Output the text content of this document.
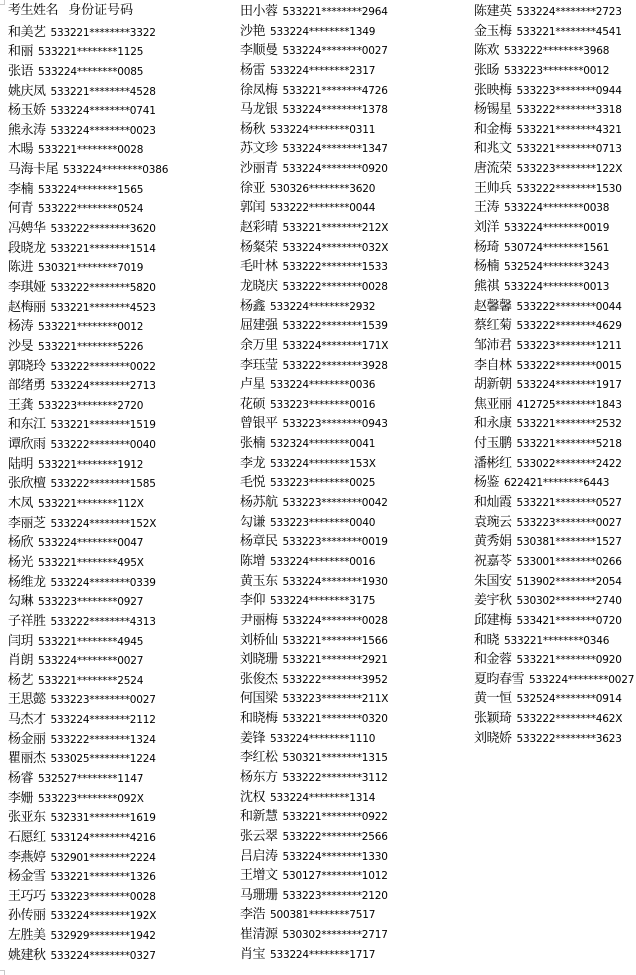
考生姓名 身份证号码
和美艺 533221********3322
和丽 533221********1125
张语 533224********0085
姚庆凤 533221********4528
杨玉娇 533224********0741
熊永涛 533224********0023
木暘 533221********0028
马海卡尾 533224********0386
李楠 533224********1565
何青 533222********0524
冯娉华 533222********3620
段晓龙 533221********1514
陈进 530321********7019
李琪娅 533222********5820
赵梅丽 533221********4523
杨涛 533221********0012
沙旻 533221********5226
郭晓玲 533222********0022
部绪勇 533224********2713
王龚 533223********2720
和东江 533221********1519
谭欣雨 533222********0040
陆明 533221********1912
张欣檀 533222********1585
木凤 533221********112X
李丽芝 533224********152X
杨欣 533224********0047
杨光 533221********495X
杨维龙 533224********0339
勾琳 533223********0927
子祥胜 533222********4313
闫玥 533221********4945
肖朗 533224********0027
杨艺 533221********2524
王思懿 533223********0027
马杰才 533224********2112
杨金丽 533222********1324
瞿丽杰 533025********1224
杨睿 532527********1147
李姗 533223********092X
张亚东 532331********1619
石愿红 533124********4216
李燕婷 532901********2224
杨金雪 533221********1326
王巧巧 533223********0028
孙传丽 533224********192X
左胜美 532929********1942
姚建秋 533224********0327
田小蓉 533221********2964
沙艳 533224********1349
李顺曼 533224********0027
杨雷 533224********2317
徐凤梅 533221********4726
马龙银 533224********1378
杨秋 533224********0311
苏文珍 533224********1347
沙丽青 533224********0920
徐亚 530326********3620
郭闰 533222********0044
赵彩晴 533221********212X
杨粲荣 533224********032X
毛叶林 533222********1533
龙晓庆 533222********0028
杨鑫 533224********2932
屈建强 533222********1539
余万里 533224********171X
李珏莹 533222********3928
卢星 533224********0036
花硕 533223********0016
曾银平 533223********0943
张楠 532324********0041
李龙 533224********153X
毛悦 533223********0025
杨苏航 533223********0042
勾谦 533223********0040
杨章民 533223********0019
陈增 533224********0016
黄玉东 533224********1930
李仰 533224********3175
尹丽梅 533224********0028
刘桥仙 533221********1566
刘晓珊 533221********2921
张俊杰 533222********3952
何国梁 533223********211X
和晓梅 533221********0320
姜锋 533224********1110
李红松 530321********1315
杨东方 533222********3112
沈权 533224********1314
和新慧 533221********0922
张云翠 533222********2566
吕启涛 533224********1330
王增文 530127********1012
马珊珊 533223********2120
李浩 500381********7517
崔清源 530302********2717
肖宝 533224********1717
陈建英 533224********2723
金玉梅 533221********4541
陈欢 533222********3968
张旸 533223********0012
张映梅 533223********0944
杨锡星 533222********3318
和金梅 533221********4321
和兆文 533221********0713
唐流荣 533223********122X
王帅兵 533222********1530
王涛 533224********0038
刘洋 533224********0019
杨琦 530724********1561
杨楠 532524********3243
熊祺 533224********0013
赵馨馨 533222********0044
蔡红菊 533222********4629
邹沛君 533223********1211
李自林 533222********0015
胡新朝 533224********1917
焦亚丽 412725********1843
和永康 533221********2532
付玉鹏 533221********5218
潘彬红 533022********2422
杨鉴 622421********6443
和灿霞 533221********0527
袁琬云 533223********0027
黄秀娟 530381********1527
祝嘉苓 533001********0266
朱国安 513902********2054
姜宇秋 530302********2740
邱建梅 533421********0720
和晓 533221********0346
和金蓉 533221********0920
夏昀春雪 533224********0027
黄一恒 532524********0914
张颖琦 533222********462X
刘晓娇 533222********3623
